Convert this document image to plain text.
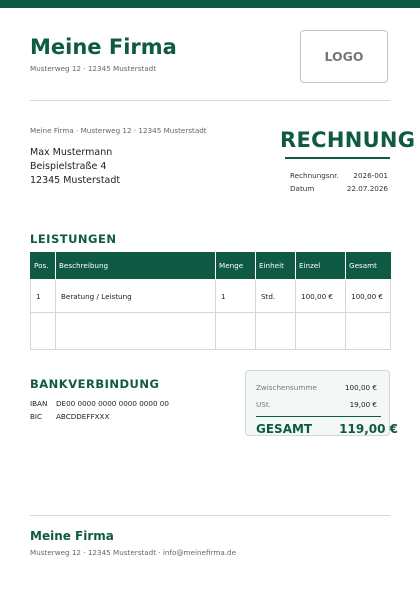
Meine Firma
Musterweg 12 · 12345 Musterstadt
LOGO
Meine Firma · Musterweg 12 · 12345 Musterstadt
Max Mustermann
Beispielstraße 4
12345 Musterstadt
RECHNUNG
Rechnungsnr. 2026-001
Datum	22.07.2026
LEISTUNGEN
Pos.	Beschreibung	Menge	Einheit	Einzel	Gesamt
1	Beratung / Leistung	1	Std.	100,00 €	100,00 €

BANKVERBINDUNG
IBAN DE00 0000 0000 0000 0000 00
BIC ABCDDEFFXXX
Zwischensumme	100,00 €
USt.	19,00 €
GESAMT 119,00 €
Meine Firma
Musterweg 12 · 12345 Musterstadt · info@meinefirma.de
